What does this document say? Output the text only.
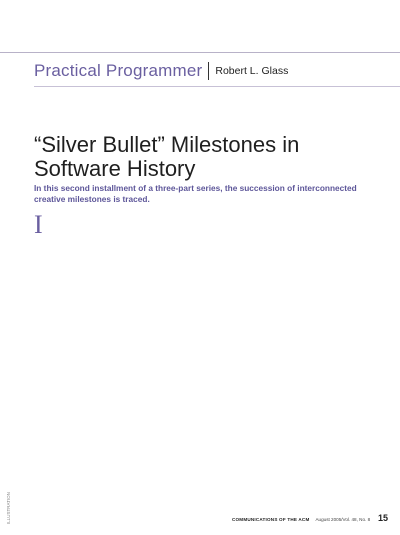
Practical Programmer Robert L. Glass
“Silver Bullet” Milestones in Software History

In this second installment of a three-part series, the succession of interconnected creative milestones is traced.

I
ILLUSTRATION	COMMUNICATIONS OF THE ACM August 2005/Vol. 48, No. 8 15
